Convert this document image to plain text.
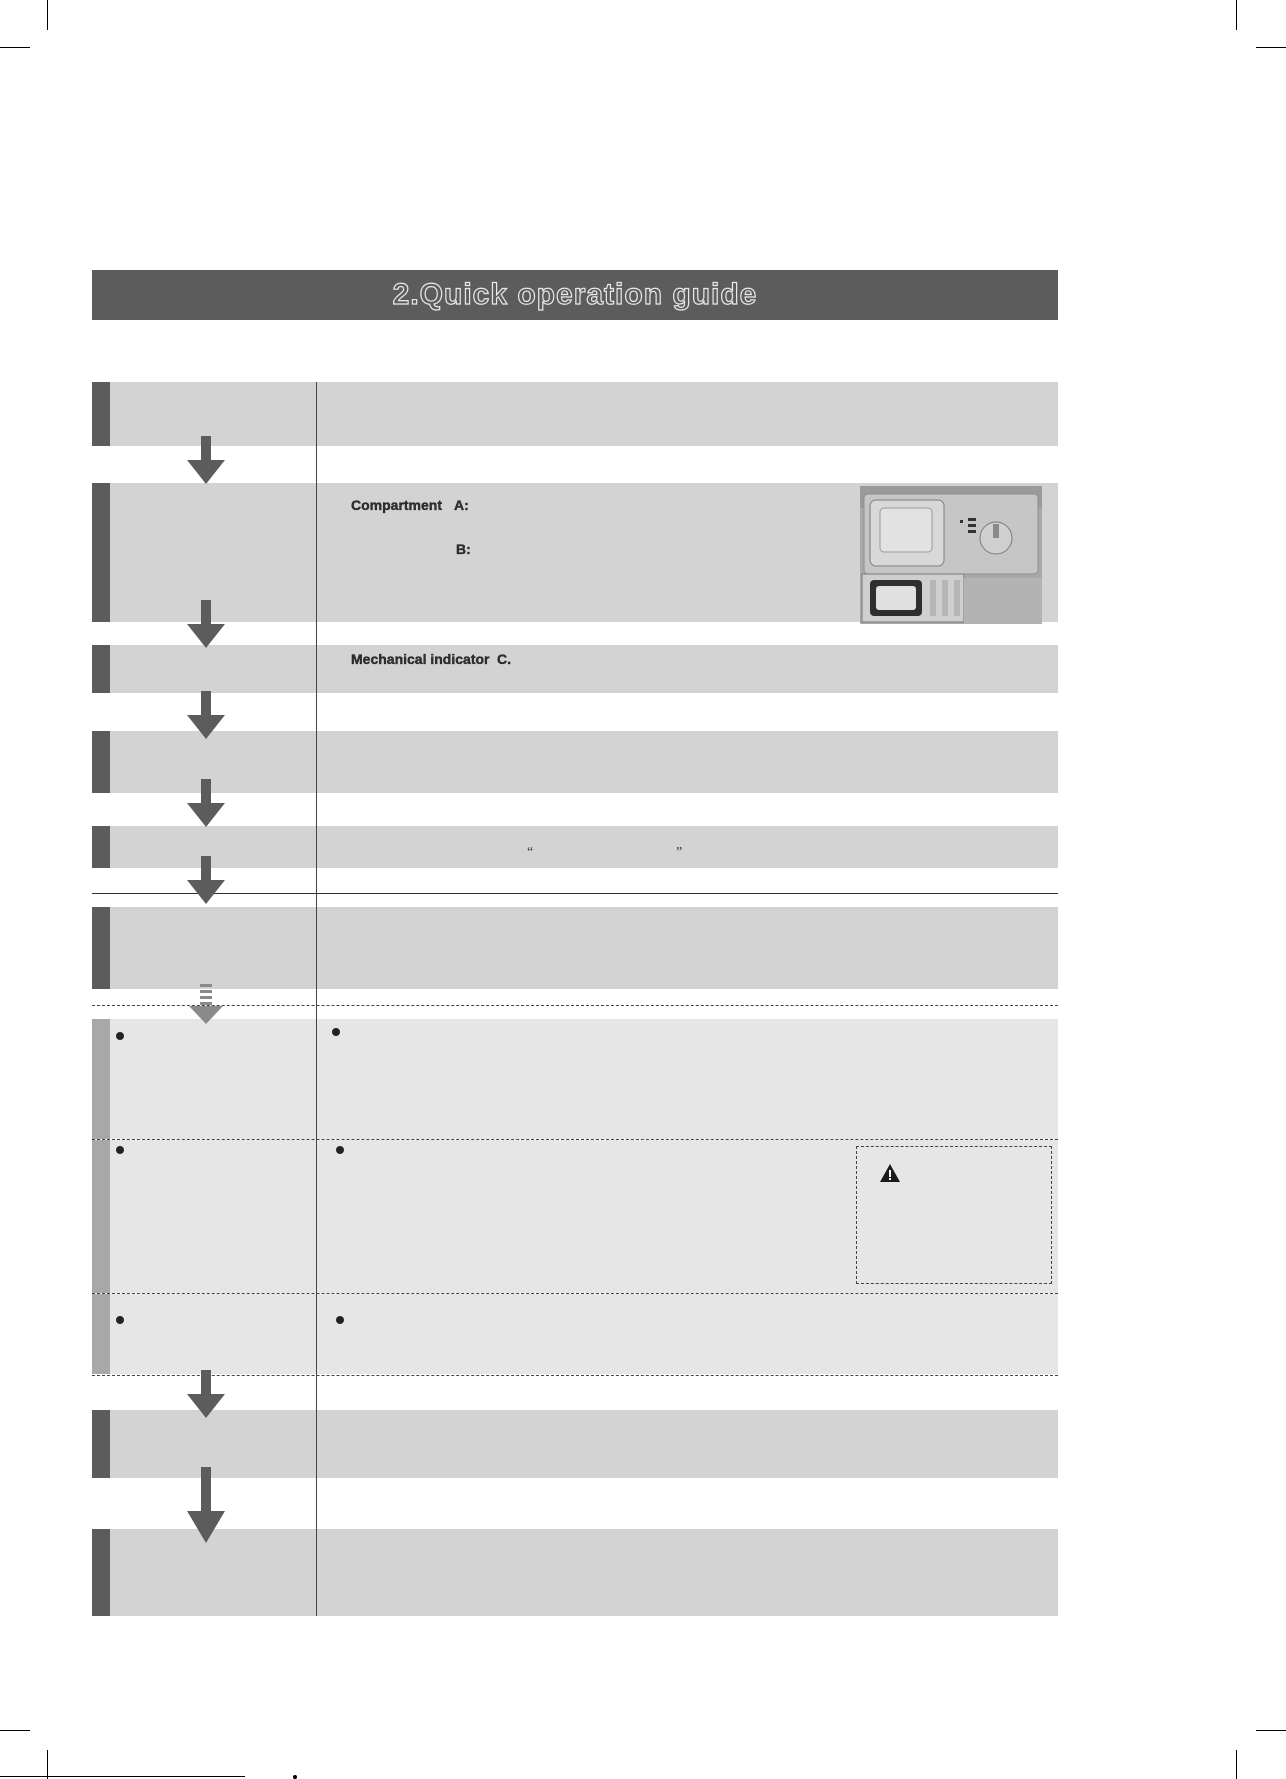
2.Quick operation guide
Compartment A:
B:
Mechanical indicator C.
“	”
